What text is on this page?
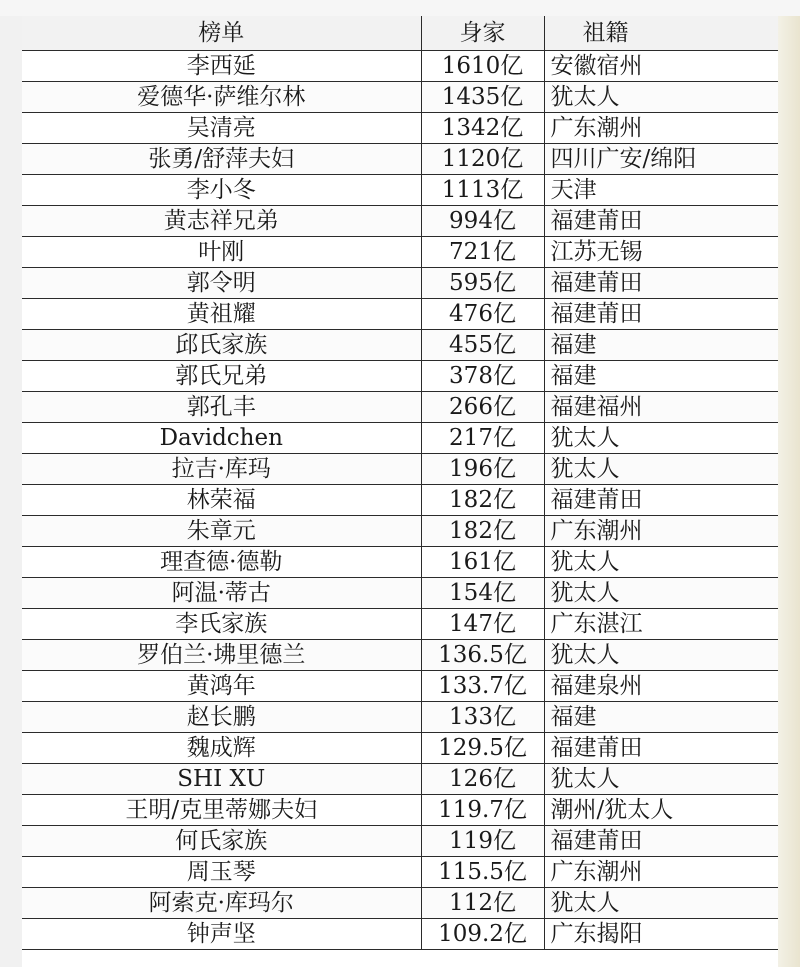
榜单	身家	祖籍
李西延	1610亿	安徽宿州
爱德华·萨维尔林	1435亿	犹太人
吴清亮	1342亿	广东潮州
张勇/舒萍夫妇	1120亿	四川广安/绵阳
李小冬	1113亿	天津
黄志祥兄弟	994亿	福建莆田
叶刚	721亿	江苏无锡
郭令明	595亿	福建莆田
黄祖耀	476亿	福建莆田
邱氏家族	455亿	福建
郭氏兄弟	378亿	福建
郭孔丰	266亿	福建福州
Davidchen	217亿	犹太人
拉吉·库玛	196亿	犹太人
林荣福	182亿	福建莆田
朱章元	182亿	广东潮州
理查德·德勒	161亿	犹太人
阿温·蒂古	154亿	犹太人
李氏家族	147亿	广东湛江
罗伯兰·坲里德兰	136.5亿	犹太人
黄鸿年	133.7亿	福建泉州
赵长鹏	133亿	福建
魏成辉	129.5亿	福建莆田
SHI XU	126亿	犹太人
王明/克里蒂娜夫妇	119.7亿	潮州/犹太人
何氏家族	119亿	福建莆田
周玉琴	115.5亿	广东潮州
阿索克·库玛尔	112亿	犹太人
钟声坚	109.2亿	广东揭阳
